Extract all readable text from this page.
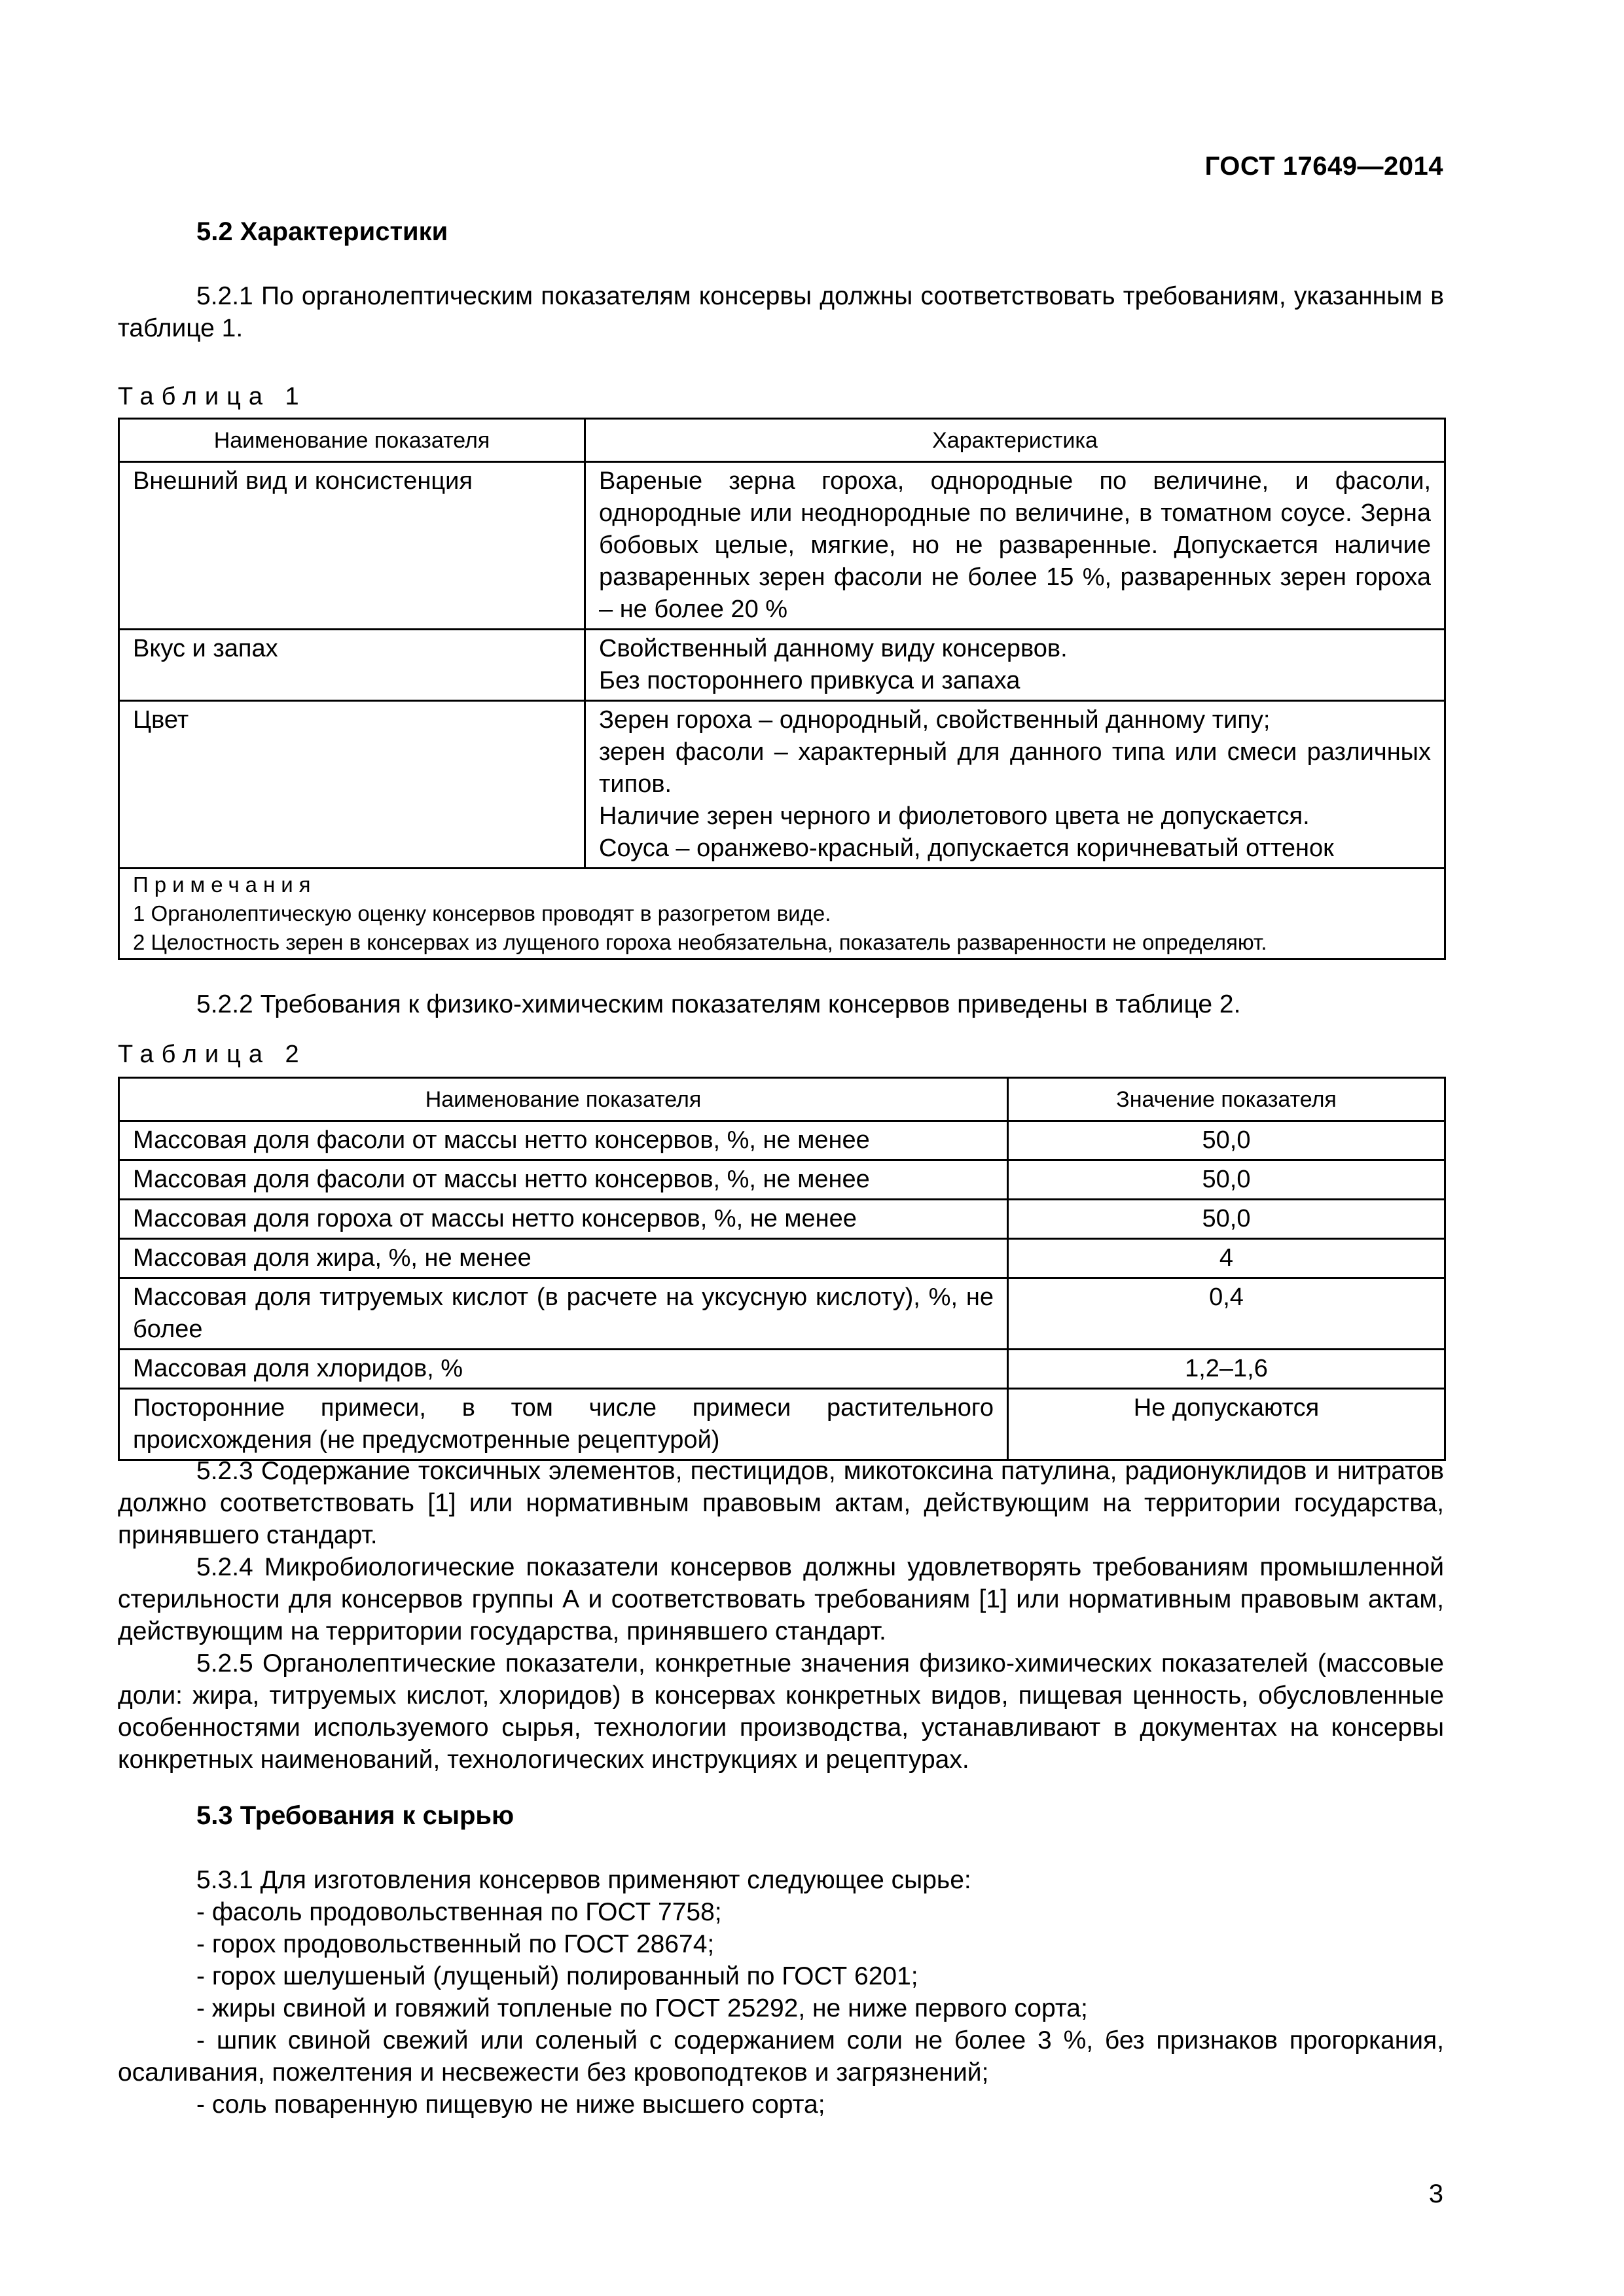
ГОСТ 17649—2014
5.2 Характеристики
5.2.1 По органолептическим показателям консервы должны соответствовать требованиям, указанным в таблице 1.
Таблица 1
Наименование показателя	Характеристика
Внешний вид и консистенция	Вареные зерна гороха, однородные по величине, и фасоли, однородные или неоднородные по величине, в томатном соусе. Зерна бобовых целые, мягкие, но не разваренные. Допускается наличие разваренных зерен фасоли не более 15 %, разваренных зерен гороха – не более 20 %
Вкус и запах	Свойственный данному виду консервов.
Без постороннего привкуса и запаха

Цвет	Зерен гороха – однородный, свойственный данному типу;
зерен фасоли – характерный для данного типа или смеси различных типов.
Наличие зерен черного и фиолетового цвета не допускается.
Соуса – оранжево-красный, допускается коричневатый оттенок

Примечания
1 Органолептическую оценку консервов проводят в разогретом виде.
2 Целостность зерен в консервах из лущеного гороха необязательна, показатель разваренности не определяют.	
5.2.2 Требования к физико-химическим показателям консервов приведены в таблице 2.
Таблица 2
Наименование показателя	Значение показателя
Массовая доля фасоли от массы нетто консервов, %, не менее	50,0
Массовая доля фасоли от массы нетто консервов, %, не менее	50,0
Массовая доля гороха от массы нетто консервов, %, не менее	50,0
Массовая доля жира, %, не менее	4
Массовая доля титруемых кислот (в расчете на уксусную кислоту), %, не более	0,4
Массовая доля хлоридов, %	1,2–1,6
Посторонние примеси, в том числе примеси растительного происхождения (не предусмотренные рецептурой)	Не допускаются
5.2.3 Содержание токсичных элементов, пестицидов, микотоксина патулина, радионуклидов и нитратов должно соответствовать [1] или нормативным правовым актам, действующим на территории государства, принявшего стандарт.
5.2.4 Микробиологические показатели консервов должны удовлетворять требованиям промышленной стерильности для консервов группы А и соответствовать требованиям [1] или нормативным правовым актам, действующим на территории государства, принявшего стандарт.
5.2.5 Органолептические показатели, конкретные значения физико-химических показателей (массовые доли: жира, титруемых кислот, хлоридов) в консервах конкретных видов, пищевая ценность, обусловленные особенностями используемого сырья, технологии производства, устанавливают в документах на консервы конкретных наименований, технологических инструкциях и рецептурах.
5.3 Требования к сырью
5.3.1 Для изготовления консервов применяют следующее сырье:
- фасоль продовольственная по ГОСТ 7758;
- горох продовольственный по ГОСТ 28674;
- горох шелушеный (лущеный) полированный по ГОСТ 6201;
- жиры свиной и говяжий топленые по ГОСТ 25292, не ниже первого сорта;
- шпик свиной свежий или соленый с содержанием соли не более 3 %, без признаков прогоркания, осаливания, пожелтения и несвежести без кровоподтеков и загрязнений;
- соль поваренную пищевую не ниже высшего сорта;
3
